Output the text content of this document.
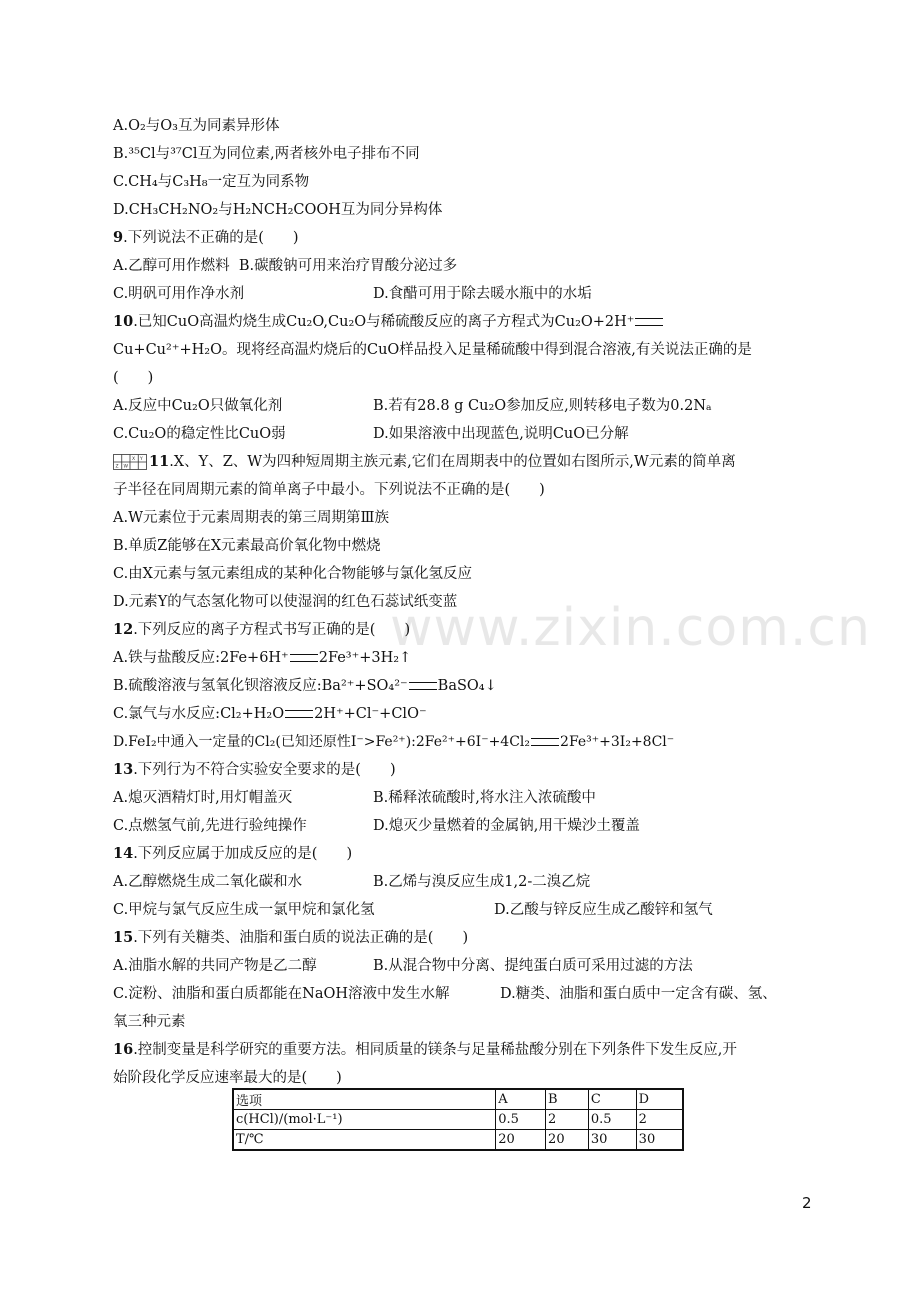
www.zixin.com.cn
A.O₂与O₃互为同素异形体
B.³⁵Cl与³⁷Cl互为同位素,两者核外电子排布不同
C.CH₄与C₃H₈一定互为同系物
D.CH₃CH₂NO₂与H₂NCH₂COOH互为同分异构体
9.下列说法不正确的是(　　)
A.乙醇可用作燃料 B.碳酸钠可用来治疗胃酸分泌过多
C.明矾可用作净水剂	D.食醋可用于除去暖水瓶中的水垢
10.已知CuO高温灼烧生成Cu₂O,Cu₂O与稀硫酸反应的离子方程式为Cu₂O+2H⁺
Cu+Cu²⁺+H₂O。现将经高温灼烧后的CuO样品投入足量稀硫酸中得到混合溶液,有关说法正确的是
(　　)
A.反应中Cu₂O只做氧化剂	B.若有28.8 g Cu₂O参加反应,则转移电子数为0.2Nₐ
C.Cu₂O的稳定性比CuO弱	D.如果溶液中出现蓝色,说明CuO已分解
X Y
Z W 11.X、Y、Z、W为四种短周期主族元素,它们在周期表中的位置如右图所示,W元素的简单离
子半径在同周期元素的简单离子中最小。下列说法不正确的是(　　)
A.W元素位于元素周期表的第三周期第Ⅲ族
B.单质Z能够在X元素最高价氧化物中燃烧
C.由X元素与氢元素组成的某种化合物能够与氯化氢反应
D.元素Y的气态氢化物可以使湿润的红色石蕊试纸变蓝
12.下列反应的离子方程式书写正确的是(　　)
A.铁与盐酸反应:2Fe+6H⁺ 2Fe³⁺+3H₂↑
B.硫酸溶液与氢氧化钡溶液反应:Ba²⁺+SO₄²⁻ BaSO₄↓
C.氯气与水反应:Cl₂+H₂O 2H⁺+Cl⁻+ClO⁻
D.FeI₂中通入一定量的Cl₂(已知还原性I⁻>Fe²⁺):2Fe²⁺+6I⁻+4Cl₂ 2Fe³⁺+3I₂+8Cl⁻
13.下列行为不符合实验安全要求的是(　　)
A.熄灭酒精灯时,用灯帽盖灭	B.稀释浓硫酸时,将水注入浓硫酸中
C.点燃氢气前,先进行验纯操作	D.熄灭少量燃着的金属钠,用干燥沙土覆盖
14.下列反应属于加成反应的是(　　)
A.乙醇燃烧生成二氧化碳和水	B.乙烯与溴反应生成1,2-二溴乙烷
C.甲烷与氯气反应生成一氯甲烷和氯化氢	D.乙酸与锌反应生成乙酸锌和氢气
15.下列有关糖类、油脂和蛋白质的说法正确的是(　　)
A.油脂水解的共同产物是乙二醇	B.从混合物中分离、提纯蛋白质可采用过滤的方法
C.淀粉、油脂和蛋白质都能在NaOH溶液中发生水解	D.糖类、油脂和蛋白质中一定含有碳、氢、
氧三种元素
16.控制变量是科学研究的重要方法。相同质量的镁条与足量稀盐酸分别在下列条件下发生反应,开
始阶段化学反应速率最大的是(　　)
选项	A	B	C	D
c(HCl)/(mol·L⁻¹)	0.5	2	0.5	2
T/℃	20	20	30	30
2
